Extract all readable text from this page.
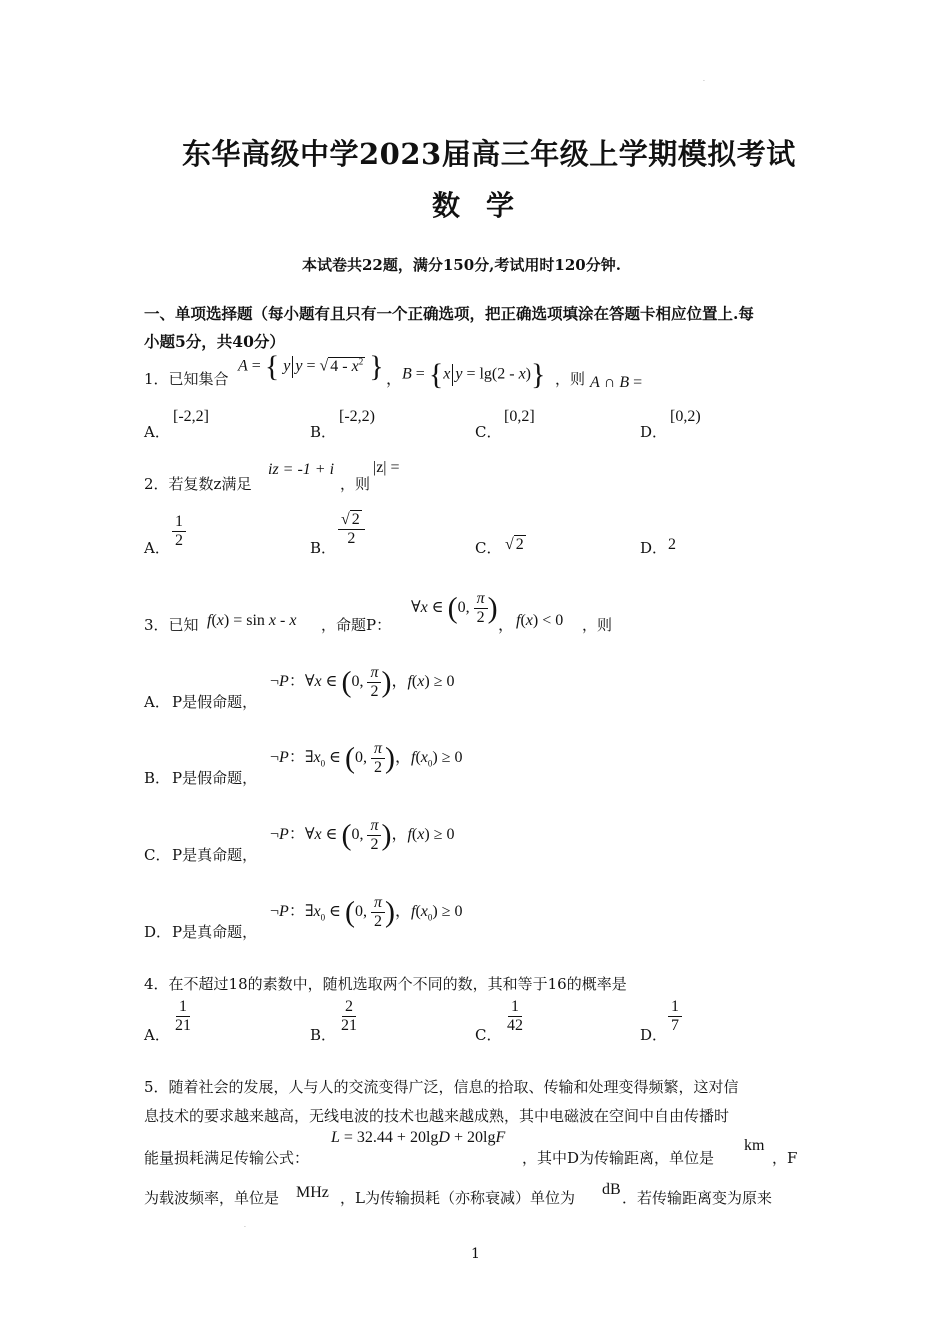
.
东华高级中学2023届高三年级上学期模拟考试
数学
本试卷共22题，满分150分,考试用时120分钟.
一、单项选择题（每小题有且只有一个正确选项，把正确选项填涂在答题卡相应位置上.每
小题5分，共40分）
1．已知集合
A = { y y = √ $4 - x^2$ } ， B = {x y = lg(2 - x)} ，则 A ∩ B =
A．
[-2,2]
B．
[-2,2)
C．
[0,2]
D．
[0,2)
2．若复数z满足
iz = -1 + i
，则
|z| =
A． $\frac{1}{2}$	B． $\frac{√ 2}{2}$	C． √ 2	D． 2
3．已知 f(x) = sin x - x ，命题P：
∀x ∈ (0, $\frac{\pi}{2}$ )
， f(x) < 0 ，则
A． P是假命题，
¬P：∀x ∈ (0, $\frac{\pi}{2}$ )，f(x) ≥ 0
B． P是假命题，
¬P：$\exists x_0$ ∈ (0, $\frac{\pi}{2}$ )，$f(x_0) \ge 0$
C． P是真命题，
¬P：∀x ∈ (0, $\frac{\pi}{2}$ )，f(x) ≥ 0
D． P是真命题，
¬P：$\exists x_0$ ∈ (0, $\frac{\pi}{2}$ )，$f(x_0) \ge 0$
4．在不超过18的素数中，随机选取两个不同的数，其和等于16的概率是
A． $\frac{1}{21}$	B． $\frac{2}{21}$	C． $\frac{1}{42}$	D． $\frac{1}{7}$
5．随着社会的发展，人与人的交流变得广泛，信息的拾取、传输和处理变得频繁，这对信
息技术的要求越来越高，无线电波的技术也越来越成熟，其中电磁波在空间中自由传播时
能量损耗满足传输公式：
L = 32.44 + 20lgD + 20lgF
，其中D为传输距离，单位是
km
，F
为载波频率，单位是 MHz ，L为传输损耗（亦称衰减）单位为 dB ．若传输距离变为原来
.
1
